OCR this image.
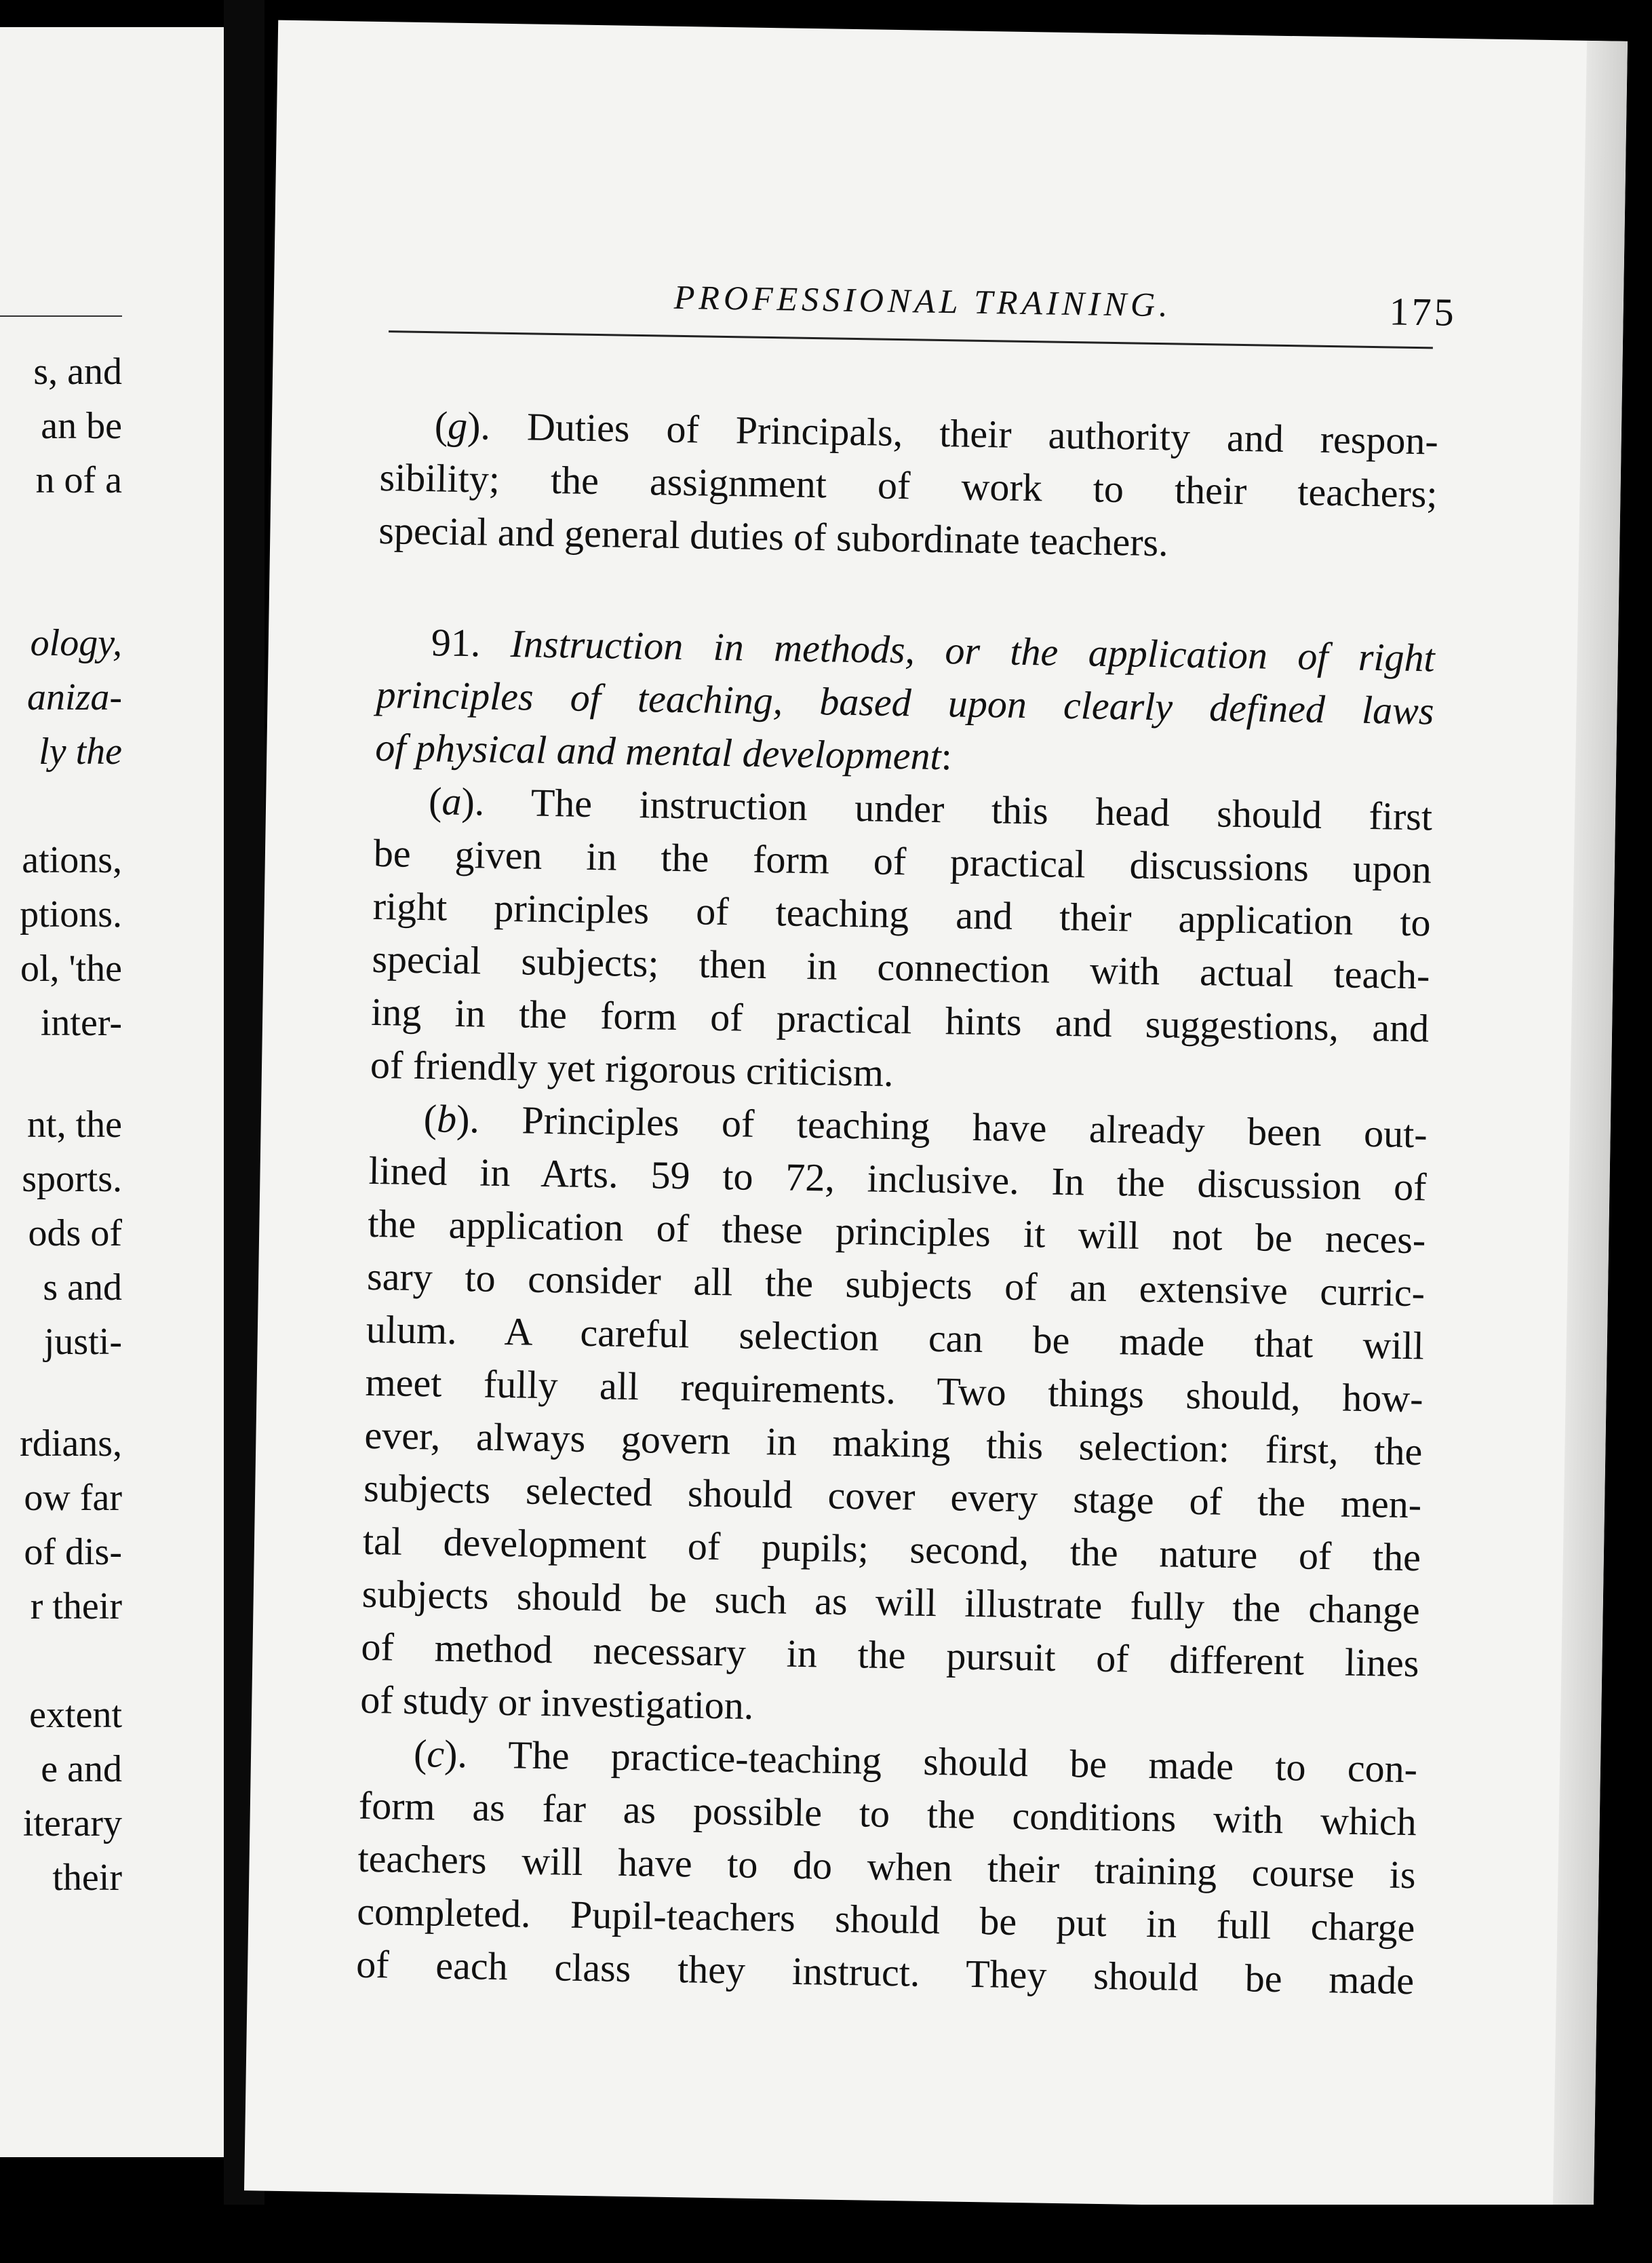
s, and
an be
n of a
ology,
aniza-
ly the
ations,
ptions.
ol, 'the
inter-
nt, the
sports.
ods of
s and
justi-
rdians,
ow far
of dis-
r their
extent
e and
iterary
their
PROFESSIONAL TRAINING.	175
(g). Duties of Principals, their authority and respon-
sibility; the assignment of work to their teachers;
special and general duties of subordinate teachers.
91. Instruction in methods, or the application of right
principles of teaching, based upon clearly defined laws
of physical and mental development:
(a). The instruction under this head should first
be given in the form of practical discussions upon
right principles of teaching and their application to
special subjects; then in connection with actual teach-
ing in the form of practical hints and suggestions, and
of friendly yet rigorous criticism.
(b). Principles of teaching have already been out-
lined in Arts. 59 to 72, inclusive. In the discussion of
the application of these principles it will not be neces-
sary to consider all the subjects of an extensive curric-
ulum. A careful selection can be made that will
meet fully all requirements. Two things should, how-
ever, always govern in making this selection: first, the
subjects selected should cover every stage of the men-
tal development of pupils; second, the nature of the
subjects should be such as will illustrate fully the change
of method necessary in the pursuit of different lines
of study or investigation.
(c). The practice-teaching should be made to con-
form as far as possible to the conditions with which
teachers will have to do when their training course is
completed. Pupil-teachers should be put in full charge
of each class they instruct. They should be made
